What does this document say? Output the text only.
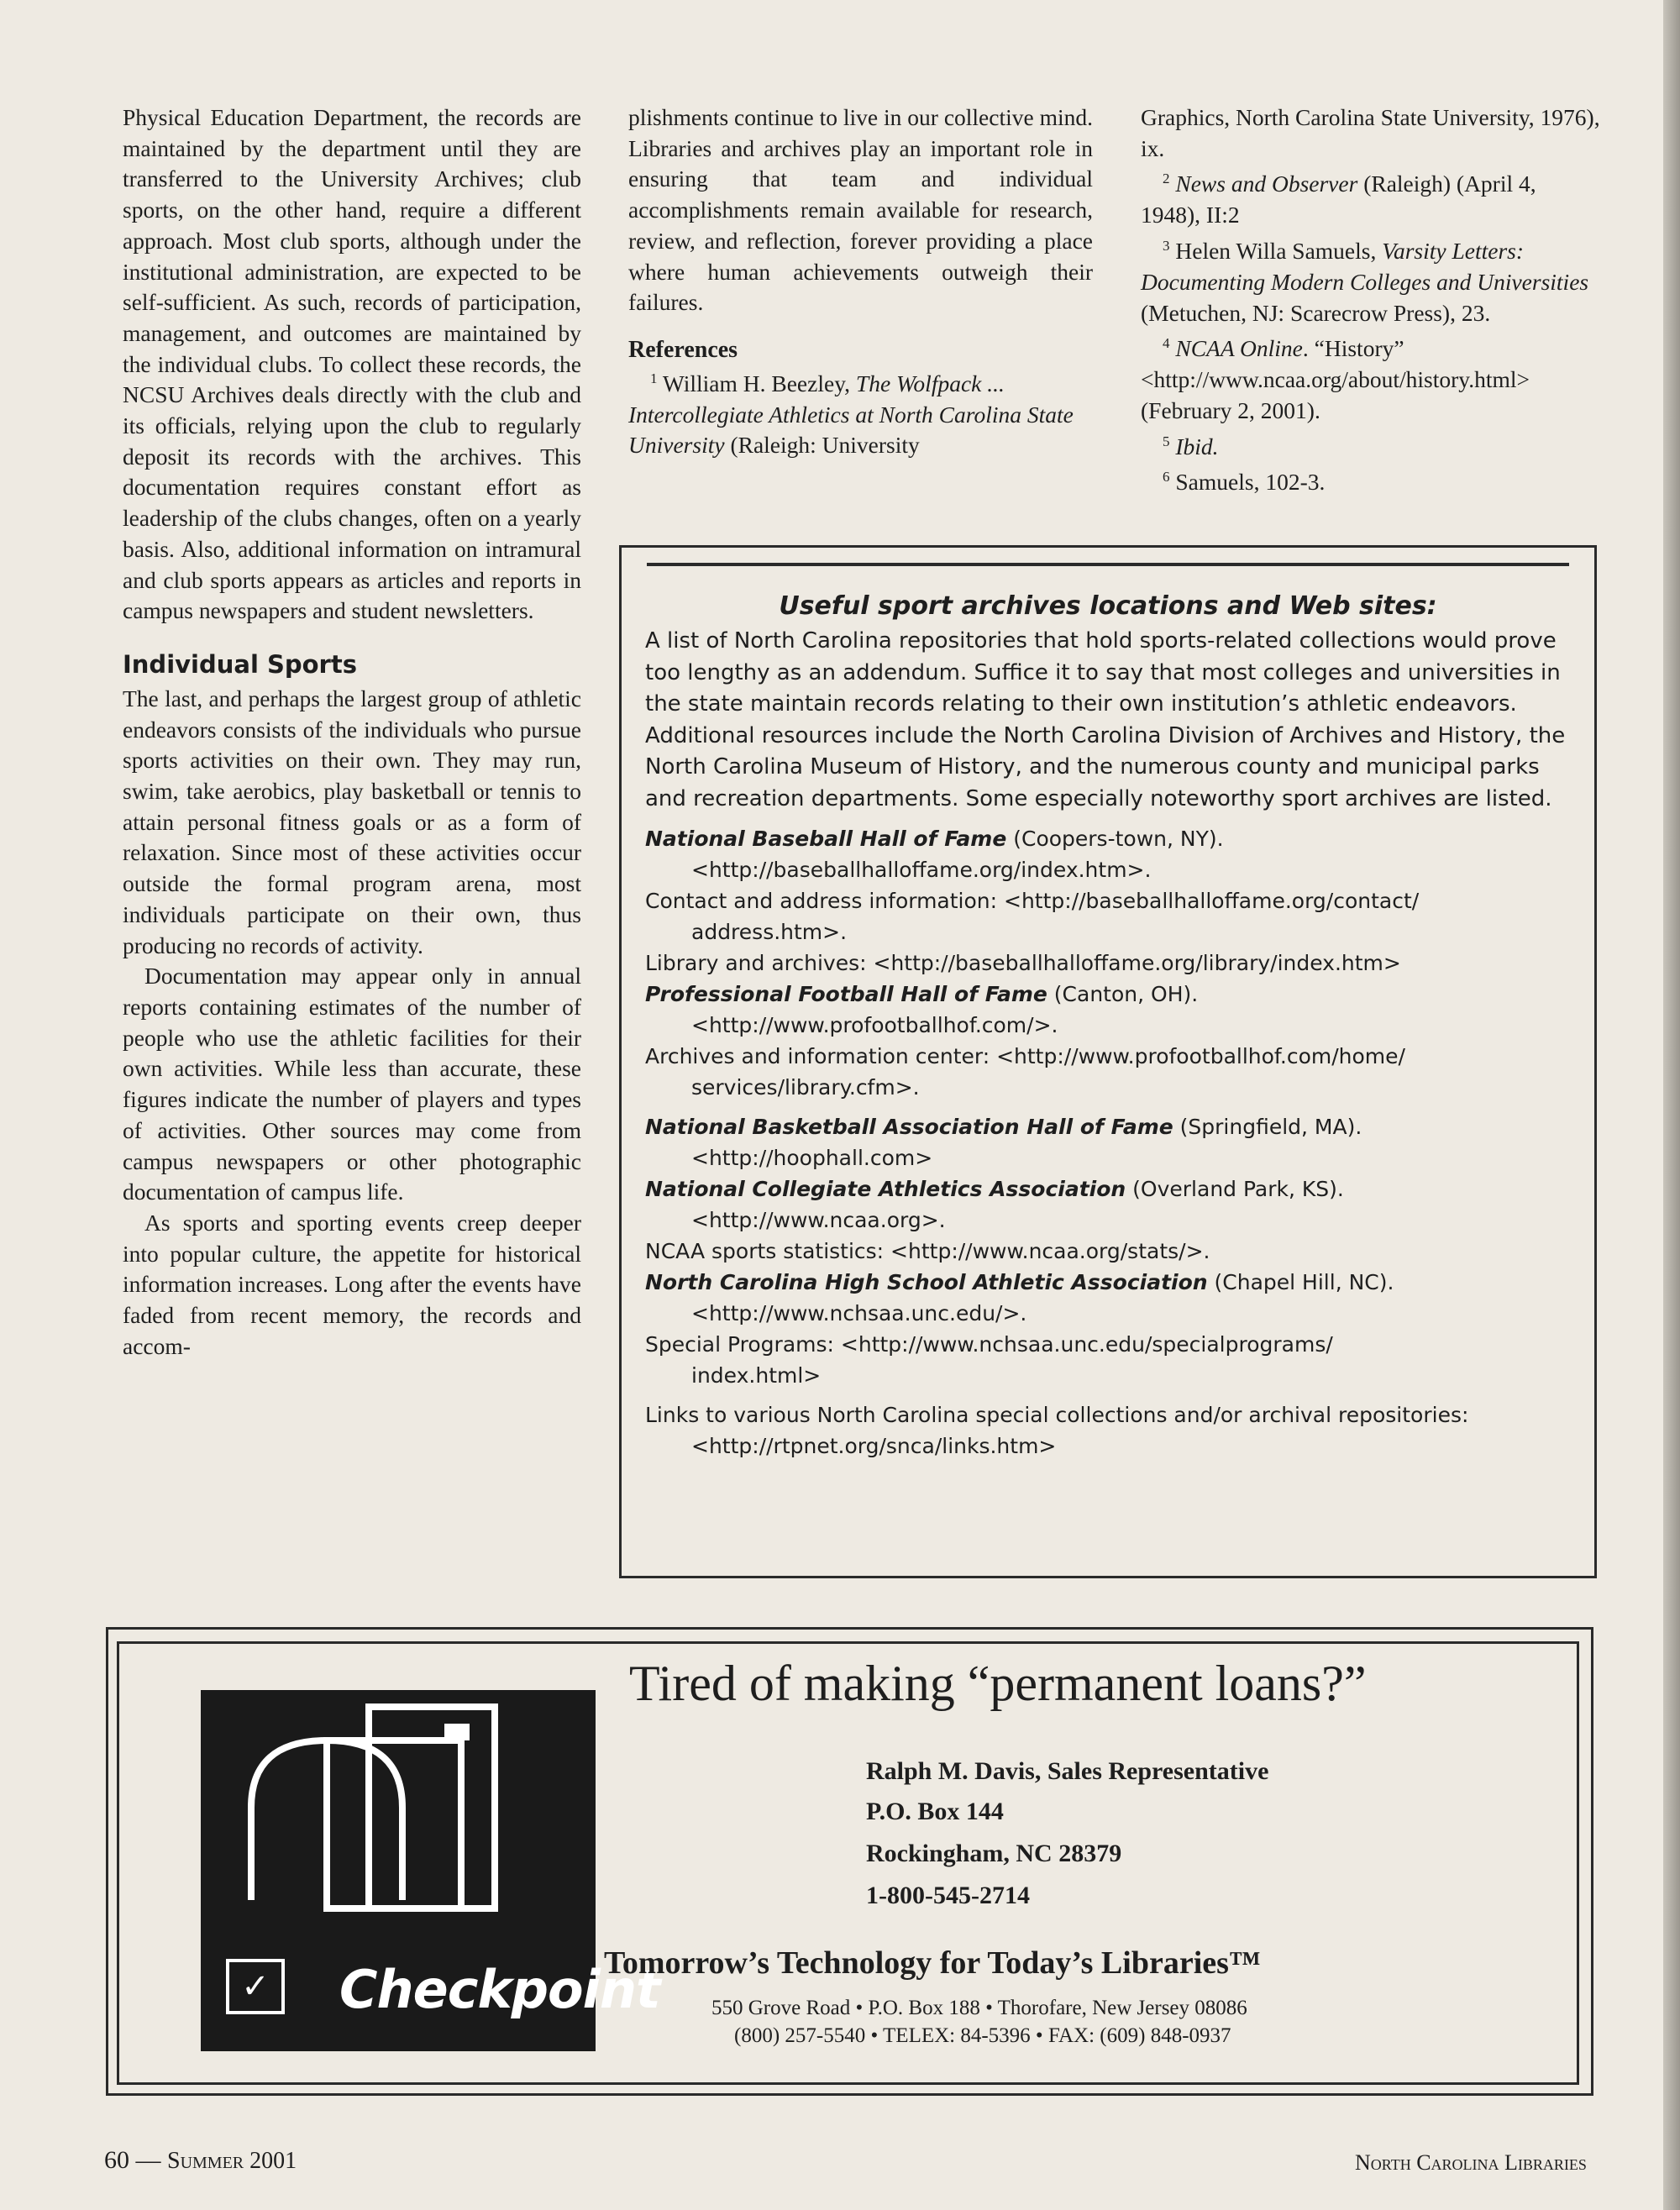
Physical Education Department, the records are maintained by the department until they are transferred to the University Archives; club sports, on the other hand, require a different approach. Most club sports, although under the institutional administration, are expected to be self-sufficient. As such, records of participation, management, and outcomes are maintained by the individual clubs. To collect these records, the NCSU Archives deals directly with the club and its officials, relying upon the club to regularly deposit its records with the archives. This documentation requires constant effort as leadership of the clubs changes, often on a yearly basis. Also, additional information on intramural and club sports appears as articles and reports in campus newspapers and student newsletters.

Individual Sports

The last, and perhaps the largest group of athletic endeavors consists of the individuals who pursue sports activities on their own. They may run, swim, take aerobics, play basketball or tennis to attain personal fitness goals or as a form of relaxation. Since most of these activities occur outside the formal program arena, most individuals participate on their own, thus producing no records of activity.

Documentation may appear only in annual reports containing estimates of the number of people who use the athletic facilities for their own activities. While less than accurate, these figures indicate the number of players and types of activities. Other sources may come from campus newspapers or other photographic documentation of campus life.

As sports and sporting events creep deeper into popular culture, the appetite for historical information increases. Long after the events have faded from recent memory, the records and accom-

plishments continue to live in our collective mind. Libraries and archives play an important role in ensuring that team and individual accomplishments remain available for research, review, and reflection, forever providing a place where human achievements outweigh their failures.

References

$^1$ William H. Beezley, The Wolfpack ... Intercollegiate Athletics at North Carolina State University (Raleigh: University

Graphics, North Carolina State University, 1976), ix.

$^2$ News and Observer (Raleigh) (April 4, 1948), II:2

$^3$ Helen Willa Samuels, Varsity Letters: Documenting Modern Colleges and Universities (Metuchen, NJ: Scarecrow Press), 23.

$^4$ NCAA Online. “History” <http://www.ncaa.org/about/history.html> (February 2, 2001).

$^5$ Ibid.

$^6$ Samuels, 102-3.

Useful sport archives locations and Web sites:

A list of North Carolina repositories that hold sports-related collections would prove too lengthy as an addendum. Suffice it to say that most colleges and universities in the state maintain records relating to their own institution’s athletic endeavors. Additional resources include the North Carolina Division of Archives and History, the North Carolina Museum of History, and the numerous county and municipal parks and recreation departments. Some especially noteworthy sport archives are listed.

National Baseball Hall of Fame (Coopers-town, NY).

<http://baseballhalloffame.org/index.htm>.

Contact and address information: <http://baseballhalloffame.org/contact/

address.htm>.

Library and archives: <http://baseballhalloffame.org/library/index.htm>

Professional Football Hall of Fame (Canton, OH).

<http://www.profootballhof.com/>.

Archives and information center: <http://www.profootballhof.com/home/

services/library.cfm>.

National Basketball Association Hall of Fame (Springfield, MA).

<http://hoophall.com>

National Collegiate Athletics Association (Overland Park, KS).

<http://www.ncaa.org>.

NCAA sports statistics: <http://www.ncaa.org/stats/>.

North Carolina High School Athletic Association (Chapel Hill, NC).

<http://www.nchsaa.unc.edu/>.

Special Programs: <http://www.nchsaa.unc.edu/specialprograms/

index.html>

Links to various North Carolina special collections and/or archival repositories:

<http://rtpnet.org/snca/links.htm>

✓ Checkpoint
Tired of making “permanent loans?”
Ralph M. Davis, Sales Representative
P.O. Box 144
Rockingham, NC 28379
1-800-545-2714
Tomorrow’s Technology for Today’s Libraries™
550 Grove Road • P.O. Box 188 • Thorofare, New Jersey 08086
(800) 257-5540 • TELEX: 84-5396 • FAX: (609) 848-0937
60 — Summer 2001	North Carolina Libraries
